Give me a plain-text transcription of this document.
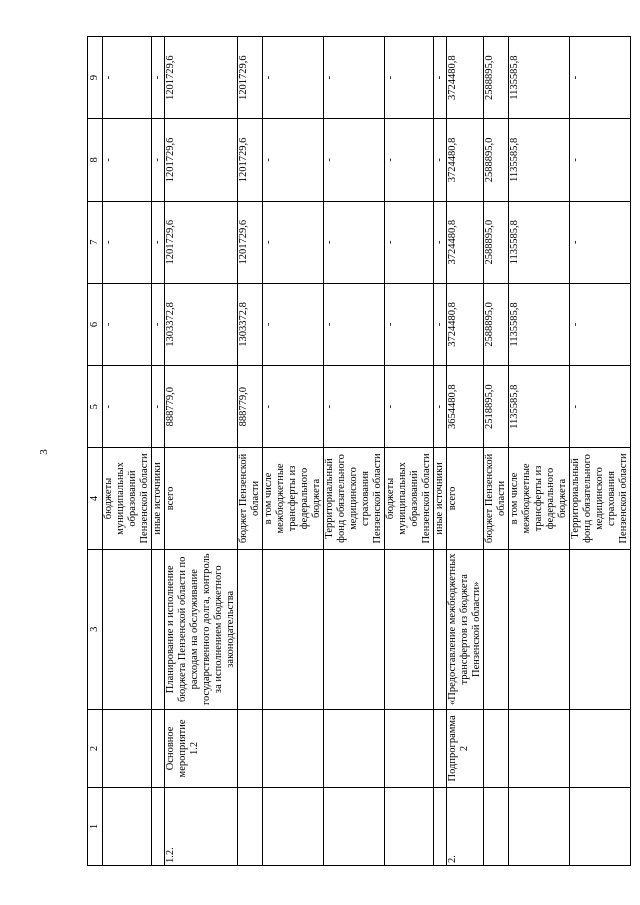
3
1	2	3	4	5	6	7	8	9
			бюджеты муниципальных образований Пензенской области	-	-	-	-	-
			иные источники	-	-	-	-	-
1.2.	Основное мероприятие 1.2	Планирование и исполнение бюджета Пензенской области по расходам на обслуживание государственного долга, контроль за исполнением бюджетного законодательства	всего	888779,0	1303372,8	1201729,6	1201729,6	1201729,6
			бюджет Пензенской области	888779,0	1303372,8	1201729,6	1201729,6	1201729,6
			в том числе межбюджетные трансферты из федерального бюджета	-	-	-	-	-
			Территориальный фонд обязательного медицинского страхования Пензенской области	-	-	-	-	-
			бюджеты муниципальных образований Пензенской области	-	-	-	-	-
			иные источники	-	-	-	-	-
2.	Подпрограмма 2	«Предоставление межбюджетных трансфертов из бюджета Пензенской области»	всего	3654480,8	3724480,8	3724480,8	3724480,8	3724480,8
			бюджет Пензенской области	2518895,0	2588895,0	2588895,0	2588895,0	2588895,0
			в том числе межбюджетные трансферты из федерального бюджета	1135585,8	1135585,8	1135585,8	1135585,8	1135585,8
			Территориальный фонд обязательного медицинского страхования Пензенской области	-	-	-	-	-
